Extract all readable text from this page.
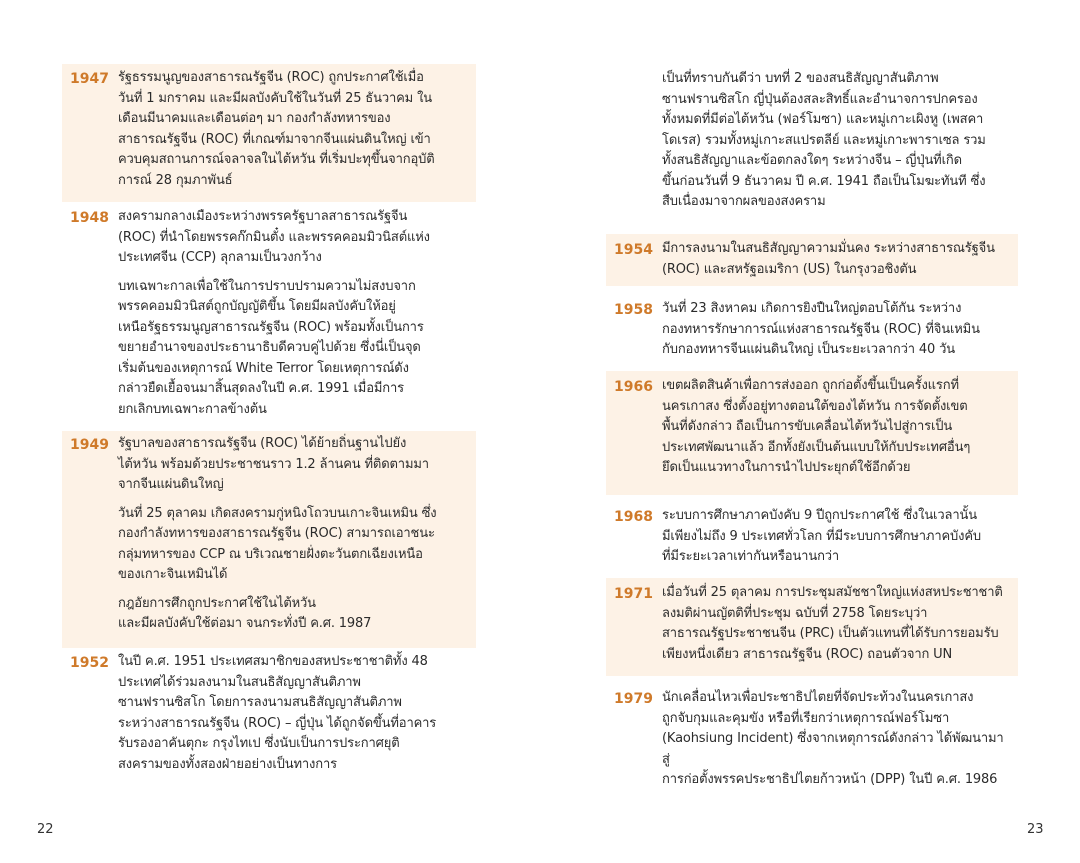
1947 รัฐธรรมนูญของสาธารณรัฐจีน (ROC) ถูกประกาศใช้เมื่อ
วันที่ 1 มกราคม และมีผลบังคับใช้ในวันที่ 25 ธันวาคม ใน
เดือนมีนาคมและเดือนต่อๆ มา กองกำลังทหารของ
สาธารณรัฐจีน (ROC) ที่เกณฑ์มาจากจีนแผ่นดินใหญ่ เข้า
ควบคุมสถานการณ์จลาจลในไต้หวัน ที่เริ่มปะทุขึ้นจากอุบัติ
การณ์ 28 กุมภาพันธ์

1948 สงครามกลางเมืองระหว่างพรรครัฐบาลสาธารณรัฐจีน
(ROC) ที่นำโดยพรรคก๊กมินตั๋ง และพรรคคอมมิวนิสต์แห่ง
ประเทศจีน (CCP) ลุกลามเป็นวงกว้าง

บทเฉพาะกาลเพื่อใช้ในการปราบปรามความไม่สงบจาก
พรรคคอมมิวนิสต์ถูกบัญญัติขึ้น โดยมีผลบังคับให้อยู่
เหนือรัฐธรรมนูญสาธารณรัฐจีน (ROC) พร้อมทั้งเป็นการ
ขยายอำนาจของประธานาธิบดีควบคู่ไปด้วย ซึ่งนี่เป็นจุด
เริ่มต้นของเหตุการณ์ White Terror โดยเหตุการณ์ดัง
กล่าวยืดเยื้อจนมาสิ้นสุดลงในปี ค.ศ. 1991 เมื่อมีการ
ยกเลิกบทเฉพาะกาลข้างต้น

1949 รัฐบาลของสาธารณรัฐจีน (ROC) ได้ย้ายถิ่นฐานไปยัง
ไต้หวัน พร้อมด้วยประชาชนราว 1.2 ล้านคน ที่ติดตามมา
จากจีนแผ่นดินใหญ่

วันที่ 25 ตุลาคม เกิดสงครามกู่หนิงโถวบนเกาะจินเหมิน ซึ่ง
กองกำลังทหารของสาธารณรัฐจีน (ROC) สามารถเอาชนะ
กลุ่มทหารของ CCP ณ บริเวณชายฝั่งตะวันตกเฉียงเหนือ
ของเกาะจินเหมินได้

กฎอัยการศึกถูกประกาศใช้ในไต้หวัน
และมีผลบังคับใช้ต่อมา จนกระทั่งปี ค.ศ. 1987

1952 ในปี ค.ศ. 1951 ประเทศสมาชิกของสหประชาชาติทั้ง 48
ประเทศได้ร่วมลงนามในสนธิสัญญาสันติภาพ
ซานฟรานซิสโก โดยการลงนามสนธิสัญญาสันติภาพ
ระหว่างสาธารณรัฐจีน (ROC) – ญี่ปุ่น ได้ถูกจัดขึ้นที่อาคาร
รับรองอาคันตุกะ กรุงไทเป ซึ่งนับเป็นการประกาศยุติ
สงครามของทั้งสองฝ่ายอย่างเป็นทางการ

22

เป็นที่ทราบกันดีว่า บทที่ 2 ของสนธิสัญญาสันติภาพ
ซานฟรานซิสโก ญี่ปุ่นต้องสละสิทธิ์และอำนาจการปกครอง
ทั้งหมดที่มีต่อไต้หวัน (ฟอร์โมซา) และหมู่เกาะเผิงหู (เพสคา
โดเรส) รวมทั้งหมู่เกาะสแปรตลีย์ และหมู่เกาะพาราเซล รวม
ทั้งสนธิสัญญาและข้อตกลงใดๆ ระหว่างจีน – ญี่ปุ่นที่เกิด
ขึ้นก่อนวันที่ 9 ธันวาคม ปี ค.ศ. 1941 ถือเป็นโมฆะทันที ซึ่ง
สืบเนื่องมาจากผลของสงคราม

1954 มีการลงนามในสนธิสัญญาความมั่นคง ระหว่างสาธารณรัฐจีน
(ROC) และสหรัฐอเมริกา (US) ในกรุงวอชิงตัน

1958 วันที่ 23 สิงหาคม เกิดการยิงปืนใหญ่ตอบโต้กัน ระหว่าง
กองทหารรักษาการณ์แห่งสาธารณรัฐจีน (ROC) ที่จินเหมิน
กับกองทหารจีนแผ่นดินใหญ่ เป็นระยะเวลากว่า 40 วัน

1966 เขตผลิตสินค้าเพื่อการส่งออก ถูกก่อตั้งขึ้นเป็นครั้งแรกที่
นครเกาสง ซึ่งตั้งอยู่ทางตอนใต้ของไต้หวัน การจัดตั้งเขต
พื้นที่ดังกล่าว ถือเป็นการขับเคลื่อนไต้หวันไปสู่การเป็น
ประเทศพัฒนาแล้ว อีกทั้งยังเป็นต้นแบบให้กับประเทศอื่นๆ
ยึดเป็นแนวทางในการนำไปประยุกต์ใช้อีกด้วย

1968 ระบบการศึกษาภาคบังคับ 9 ปีถูกประกาศใช้ ซึ่งในเวลานั้น
มีเพียงไม่ถึง 9 ประเทศทั่วโลก ที่มีระบบการศึกษาภาคบังคับ
ที่มีระยะเวลาเท่ากันหรือนานกว่า

1971 เมื่อวันที่ 25 ตุลาคม การประชุมสมัชชาใหญ่แห่งสหประชาชาติ
ลงมติผ่านญัตติที่ประชุม ฉบับที่ 2758 โดยระบุว่า
สาธารณรัฐประชาชนจีน (PRC) เป็นตัวแทนที่ได้รับการยอมรับ
เพียงหนึ่งเดียว สาธารณรัฐจีน (ROC) ถอนตัวจาก UN

1979 นักเคลื่อนไหวเพื่อประชาธิปไตยที่จัดประท้วงในนครเกาสง
ถูกจับกุมและคุมขัง หรือที่เรียกว่าเหตุการณ์ฟอร์โมซา
(Kaohsiung Incident) ซึ่งจากเหตุการณ์ดังกล่าว ได้พัฒนามาสู่
การก่อตั้งพรรคประชาธิปไตยก้าวหน้า (DPP) ในปี ค.ศ. 1986

23
